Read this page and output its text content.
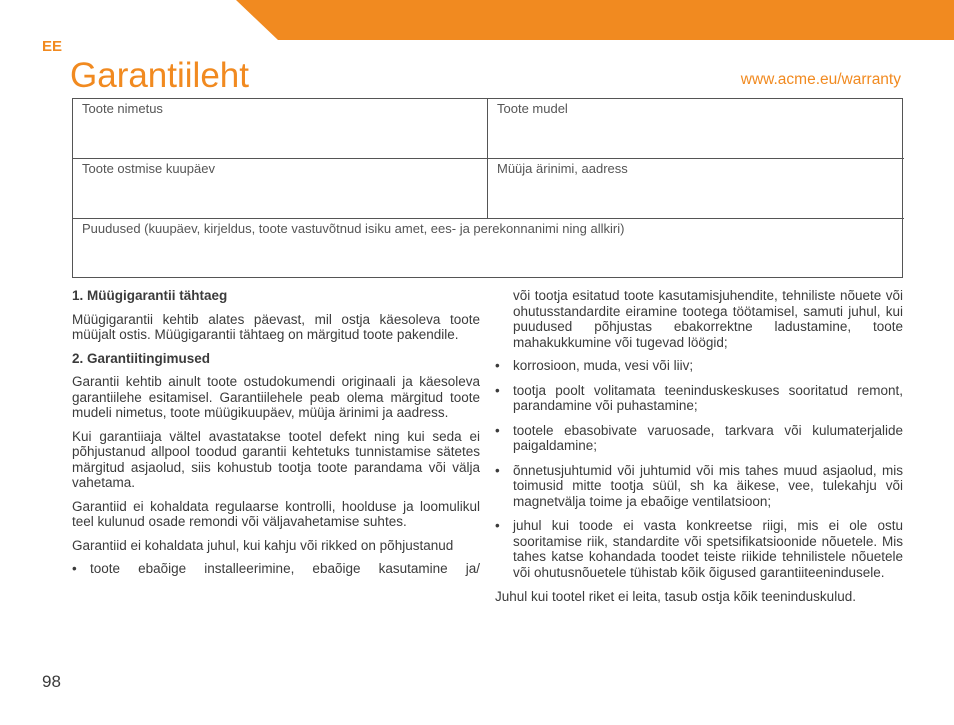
EE
Garantiileht	www.acme.eu/warranty
Toote nimetus	Toote mudel
Toote ostmise kuupäev	Müüja ärinimi, aadress
Puudused (kuupäev, kirjeldus, toote vastuvõtnud isiku amet, ees- ja perekonnanimi ning allkiri)
1. Müügigarantii tähtaeg

Müügigarantii kehtib alates päevast, mil ostja käesoleva toote müüjalt ostis. Müügigarantii tähtaeg on märgitud toote pakendile.

2. Garantiitingimused

Garantii kehtib ainult toote ostudokumendi originaali ja käesoleva garantiilehe esitamisel. Garantiilehele peab olema märgitud toote mudeli nimetus, toote müügikuupäev, müüja ärinimi ja aadress.

Kui garantiiaja vältel avastatakse tootel defekt ning kui seda ei põhjustanud allpool toodud garantii kehtetuks tunnistamise sätetes märgitud asjaolud, siis kohustub tootja toote parandama või välja vahetama.

Garantiid ei kohaldata regulaarse kontrolli, hoolduse ja loomulikul teel kulunud osade remondi või väljavahetamise suhtes.

Garantiid ei kohaldata juhul, kui kahju või rikked on põhjustanud

• toote ebaõige installeerimine, ebaõige kasutamine ja/

või tootja esitatud toote kasutamisjuhendite, tehniliste nõuete või ohutusstandardite eiramine tootega töötamisel, samuti juhul, kui puudused põhjustas ebakorrektne ladustamine, toote mahakukkumine või tugevad löögid;

• korrosioon, muda, vesi või liiv;
• tootja poolt volitamata teeninduskeskuses sooritatud remont, parandamine või puhastamine;
• tootele ebasobivate varuosade, tarkvara või kulumaterjalide paigaldamine;
• õnnetusjuhtumid või juhtumid või mis tahes muud asjaolud, mis toimusid mitte tootja süül, sh ka äikese, vee, tulekahju või magnetvälja toime ja ebaõige ventilatsioon;
• juhul kui toode ei vasta konkreetse riigi, mis ei ole ostu sooritamise riik, standardite või spetsifikatsioonide nõuetele. Mis tahes katse kohandada toodet teiste riikide tehnilistele nõuetele või ohutusnõuetele tühistab kõik õigused garantiiteenindusele.

Juhul kui tootel riket ei leita, tasub ostja kõik teeninduskulud.

98
